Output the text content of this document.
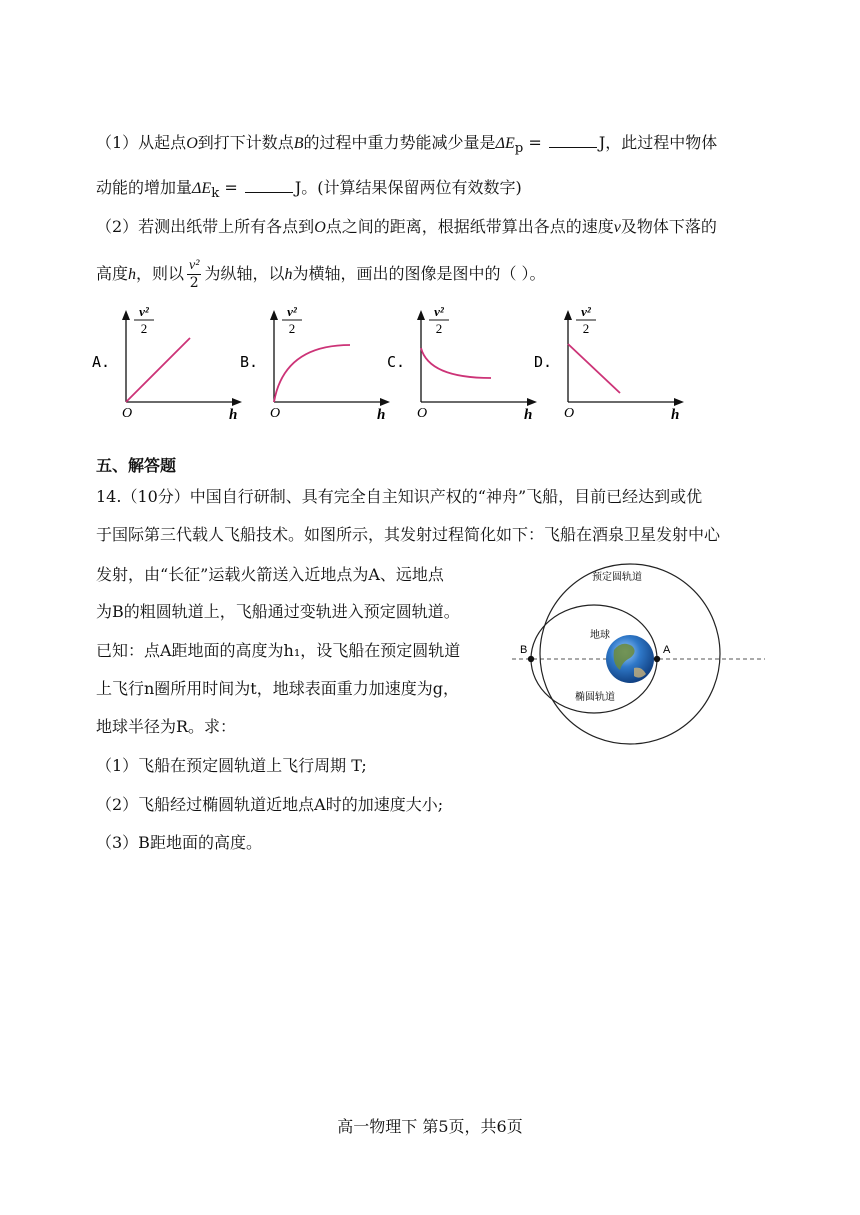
（1）从起点O到打下计数点B的过程中重力势能减少量是$\Delta E_p$ =	J，此过程中物体
动能的增加量$\Delta E_k$ =	J。(计算结果保留两位有效数字)
（2）若测出纸带上所有各点到O点之间的距离，根据纸带算出各点的速度v及物体下落的
高度h，则以 $\frac{\text{v²}}{2}$ 为纵轴，以h为横轴，画出的图像是图中的（ ）。
A.
v²
2
O	h
B.
v²
2
O	h
C.
v²
2
O	h
D.
v²
2
O	h
五、解答题
14.（10分）中国自行研制、具有完全自主知识产权的“神舟”飞船，目前已经达到或优
于国际第三代载人飞船技术。如图所示，其发射过程简化如下：飞船在酒泉卫星发射中心
发射，由“长征”运载火箭送入近地点为A、远地点
为B的粗圆轨道上，飞船通过变轨进入预定圆轨道。
已知：点A距地面的高度为h₁，设飞船在预定圆轨道
上飞行n圈所用时间为t，地球表面重力加速度为g，
地球半径为R。求：
（1）飞船在预定圆轨道上飞行周期 T;
（2）飞船经过椭圆轨道近地点A时的加速度大小;
（3）B距地面的高度。
B	A
预定圆轨道
地球
椭圆轨道
高一物理下 第5页，共6页
